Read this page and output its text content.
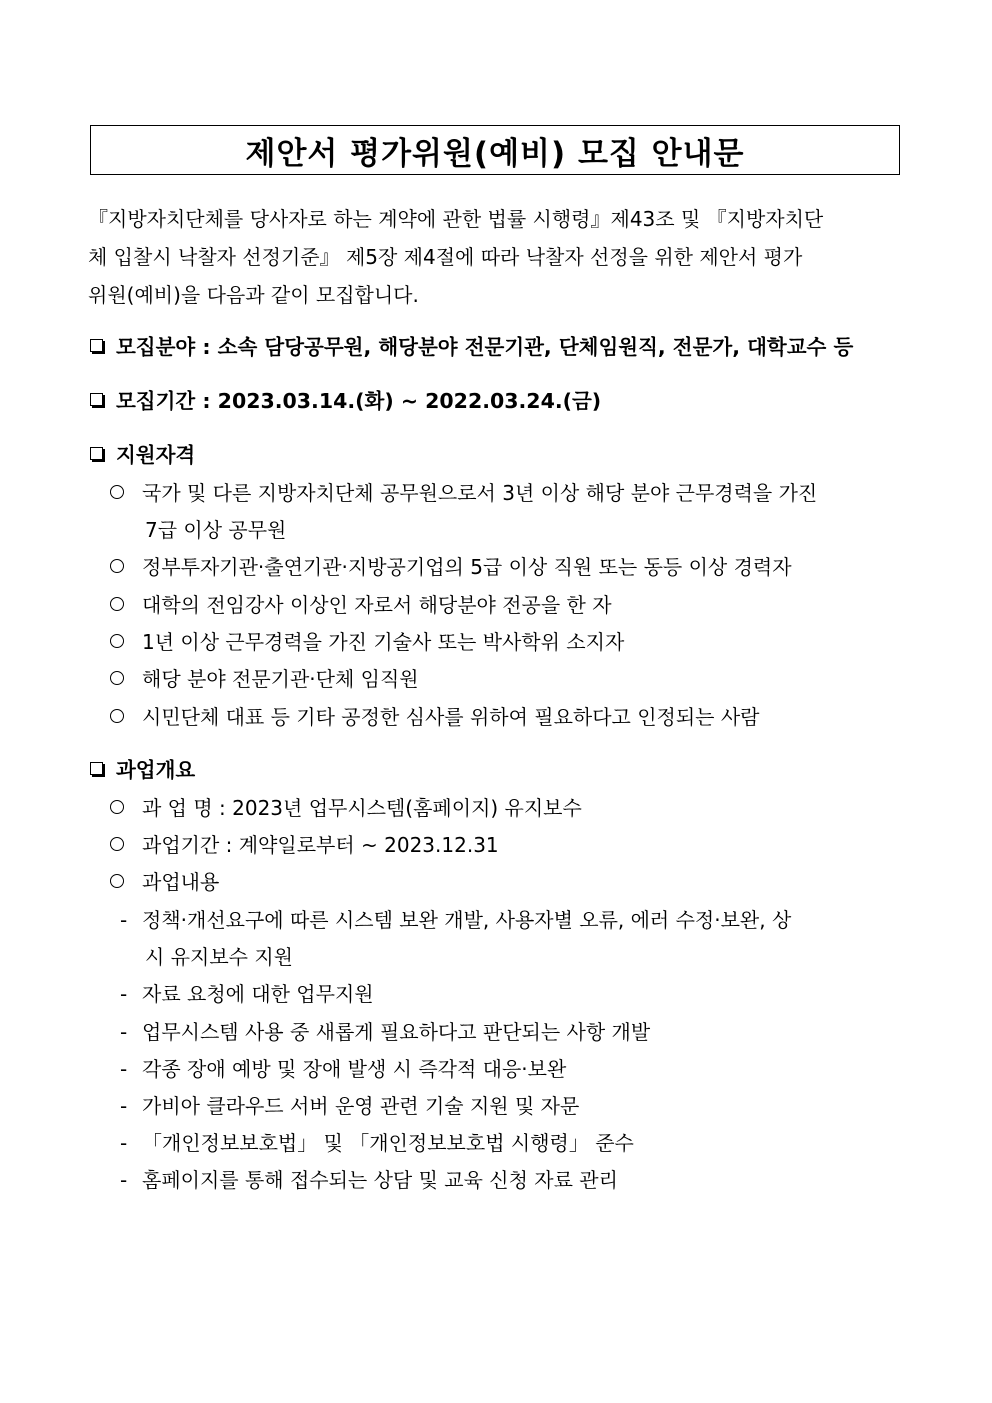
제안서 평가위원(예비) 모집 안내문
『지방자치단체를 당사자로 하는 계약에 관한 법률 시행령』제43조 및 『지방자치단
체 입찰시 낙찰자 선정기준』 제5장 제4절에 따라 낙찰자 선정을 위한 제안서 평가
위원(예비)을 다음과 같이 모집합니다.
모집분야 : 소속 담당공무원, 해당분야 전문기관, 단체임원직, 전문가, 대학교수 등
모집기간 : 2023.03.14.(화) ~ 2022.03.24.(금)
지원자격
국가 및 다른 지방자치단체 공무원으로서 3년 이상 해당 분야 근무경력을 가진
7급 이상 공무원
정부투자기관·출연기관·지방공기업의 5급 이상 직원 또는 동등 이상 경력자
대학의 전임강사 이상인 자로서 해당분야 전공을 한 자
1년 이상 근무경력을 가진 기술사 또는 박사학위 소지자
해당 분야 전문기관·단체 임직원
시민단체 대표 등 기타 공정한 심사를 위하여 필요하다고 인정되는 사람
과업개요
과 업 명 : 2023년 업무시스템(홈페이지) 유지보수
과업기간 : 계약일로부터 ~ 2023.12.31
과업내용
- 정책·개선요구에 따른 시스템 보완 개발, 사용자별 오류, 에러 수정·보완, 상
시 유지보수 지원
- 자료 요청에 대한 업무지원
- 업무시스템 사용 중 새롭게 필요하다고 판단되는 사항 개발
- 각종 장애 예방 및 장애 발생 시 즉각적 대응·보완
- 가비아 클라우드 서버 운영 관련 기술 지원 및 자문
- 「개인정보보호법」 및 「개인정보보호법 시행령」 준수
- 홈페이지를 통해 접수되는 상담 및 교육 신청 자료 관리
